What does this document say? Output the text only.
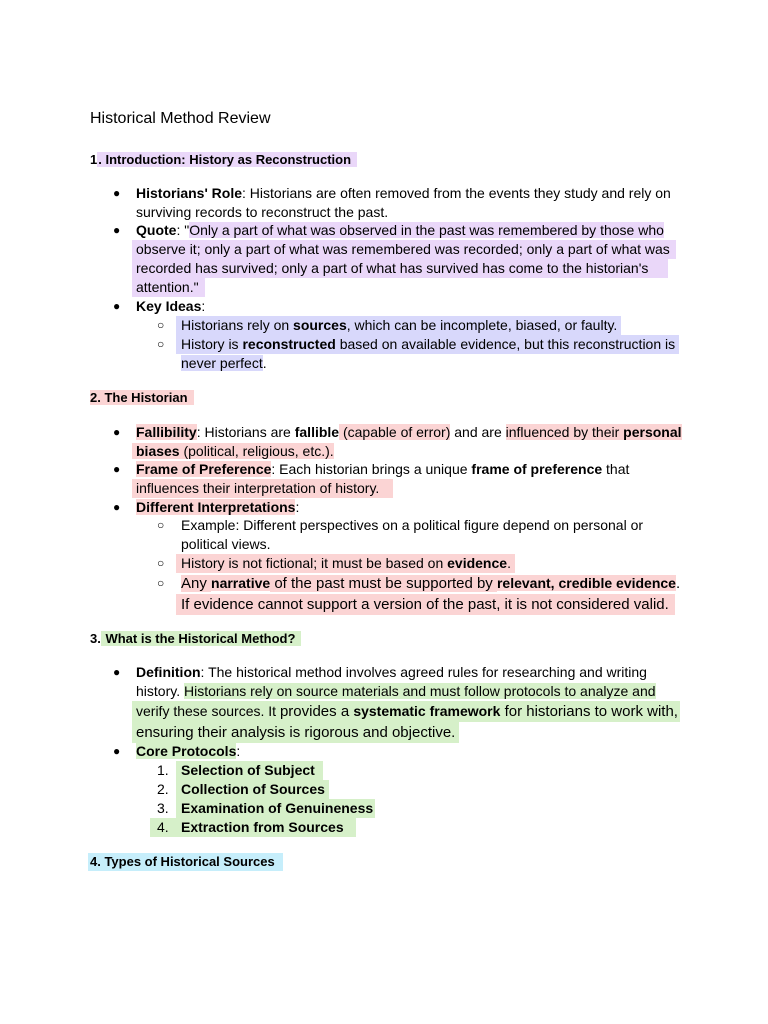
Historical Method Review
1. Introduction: History as Reconstruction
● Historians' Role: Historians are often removed from the events they study and rely on
surviving records to reconstruct the past.
● Quote: "Only a part of what was observed in the past was remembered by those who
observe it; only a part of what was remembered was recorded; only a part of what was
recorded has survived; only a part of what has survived has come to the historian's
attention."
● Key Ideas:
○	Historians rely on sources, which can be incomplete, biased, or faulty.
○	History is reconstructed based on available evidence, but this reconstruction is
never perfect.
2. The Historian
● Fallibility: Historians are fallible (capable of error) and are influenced by their personal
biases (political, religious, etc.).
● Frame of Preference: Each historian brings a unique frame of preference that
influences their interpretation of history.
● Different Interpretations:
○ Example: Different perspectives on a political figure depend on personal or
political views.
○	History is not fictional; it must be based on evidence.
○	Any narrative of the past must be supported by relevant, credible evidence.
If evidence cannot support a version of the past, it is not considered valid.
3. What is the Historical Method?
● Definition: The historical method involves agreed rules for researching and writing
history. Historians rely on source materials and must follow protocols to analyze and
verify these sources. It provides a systematic framework for historians to work with,
ensuring their analysis is rigorous and objective.
● Core Protocols:
1. Selection of Subject
2. Collection of Sources
3. Examination of Genuineness
4. Extraction from Sources
4. Types of Historical Sources
